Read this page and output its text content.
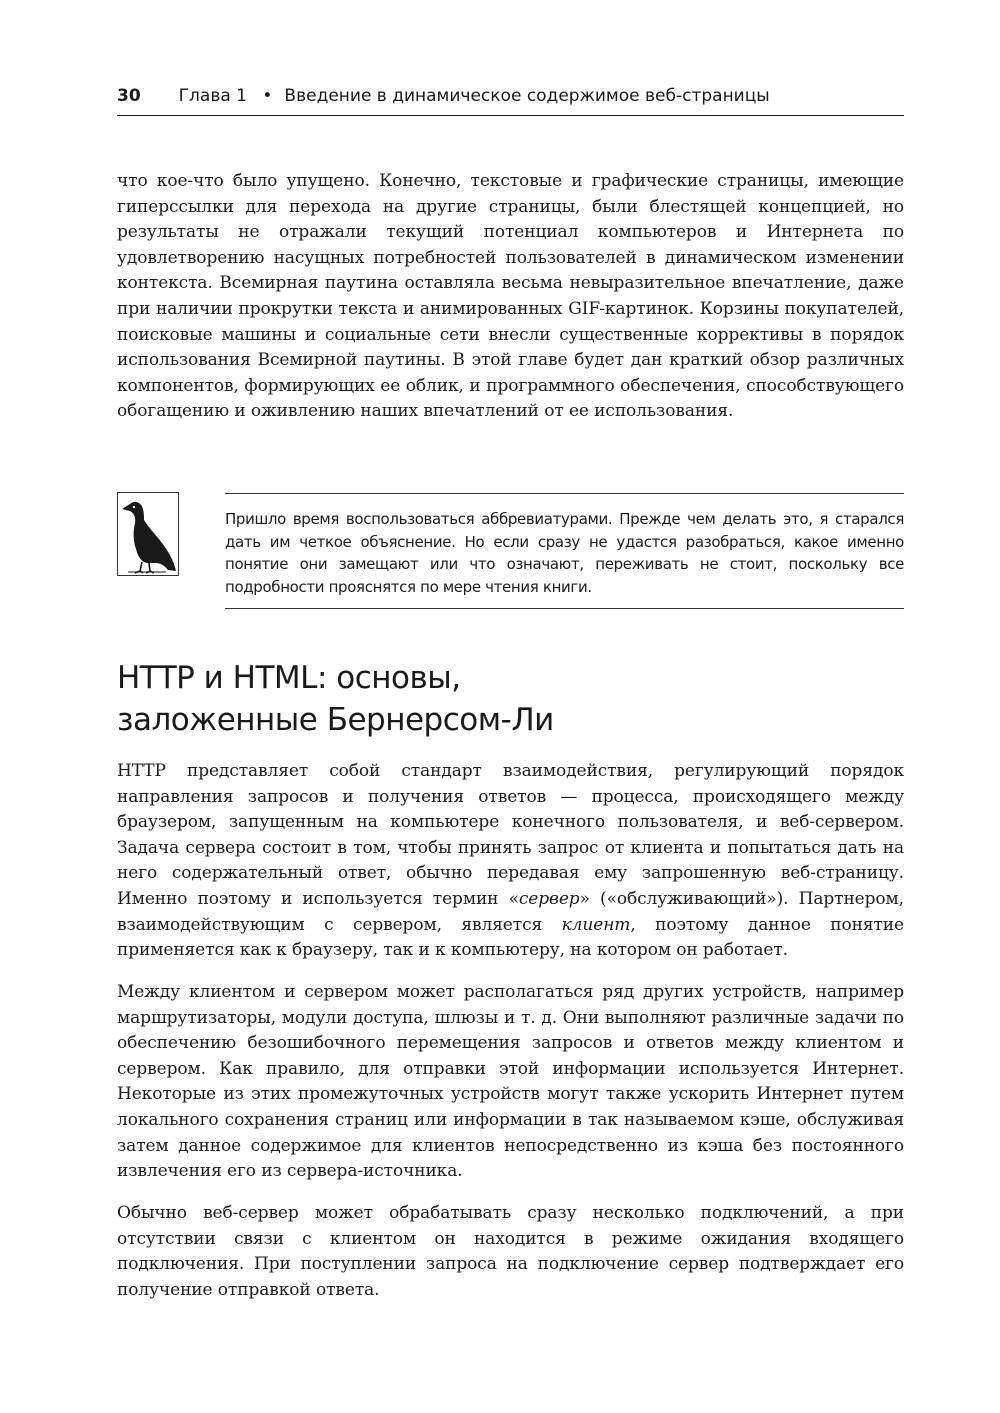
30 Глава 1 • Введение в динамическое содержимое веб-страницы

что кое-что было упущено. Конечно, текстовые и графические страницы, имеющие гиперссылки для перехода на другие страницы, были блестящей концепцией, но результаты не отражали текущий потенциал компьютеров и Интернета по удовлетворению насущных потребностей пользователей в динамическом изменении контекста. Всемирная паутина оставляла весьма невыразительное впечатление, даже при наличии прокрутки текста и анимированных GIF-картинок. Корзины покупателей, поисковые машины и социальные сети внесли существенные коррективы в порядок использования Всемирной паутины. В этой главе будет дан краткий обзор различных компонентов, формирующих ее облик, и программного обеспечения, способствующего обогащению и оживлению наших впечатлений от ее использования.

Пришло время воспользоваться аббревиатурами. Прежде чем делать это, я старался дать им четкое объяснение. Но если сразу не удастся разобраться, какое именно понятие они замещают или что означают, переживать не стоит, поскольку все подробности прояснятся по мере чтения книги.

HTTP и HTML: основы,
заложенные Бернерсом-Ли

HTTP представляет собой стандарт взаимодействия, регулирующий порядок направления запросов и получения ответов — процесса, происходящего между браузером, запущенным на компьютере конечного пользователя, и веб-сервером. Задача сервера состоит в том, чтобы принять запрос от клиента и попытаться дать на него содержательный ответ, обычно передавая ему запрошенную веб-страницу. Именно поэтому и используется термин «сервер» («обслуживающий»). Партнером, взаимодействующим с сервером, является клиент, поэтому данное понятие применяется как к браузеру, так и к компьютеру, на котором он работает.

Между клиентом и сервером может располагаться ряд других устройств, например маршрутизаторы, модули доступа, шлюзы и т. д. Они выполняют различные задачи по обеспечению безошибочного перемещения запросов и ответов между клиентом и сервером. Как правило, для отправки этой информации используется Интернет. Некоторые из этих промежуточных устройств могут также ускорить Интернет путем локального сохранения страниц или информации в так называемом кэше, обслуживая затем данное содержимое для клиентов непосредственно из кэша без постоянного извлечения его из сервера-источника.

Обычно веб-сервер может обрабатывать сразу несколько подключений, а при отсутствии связи с клиентом он находится в режиме ожидания входящего подключения. При поступлении запроса на подключение сервер подтверждает его получение отправкой ответа.
